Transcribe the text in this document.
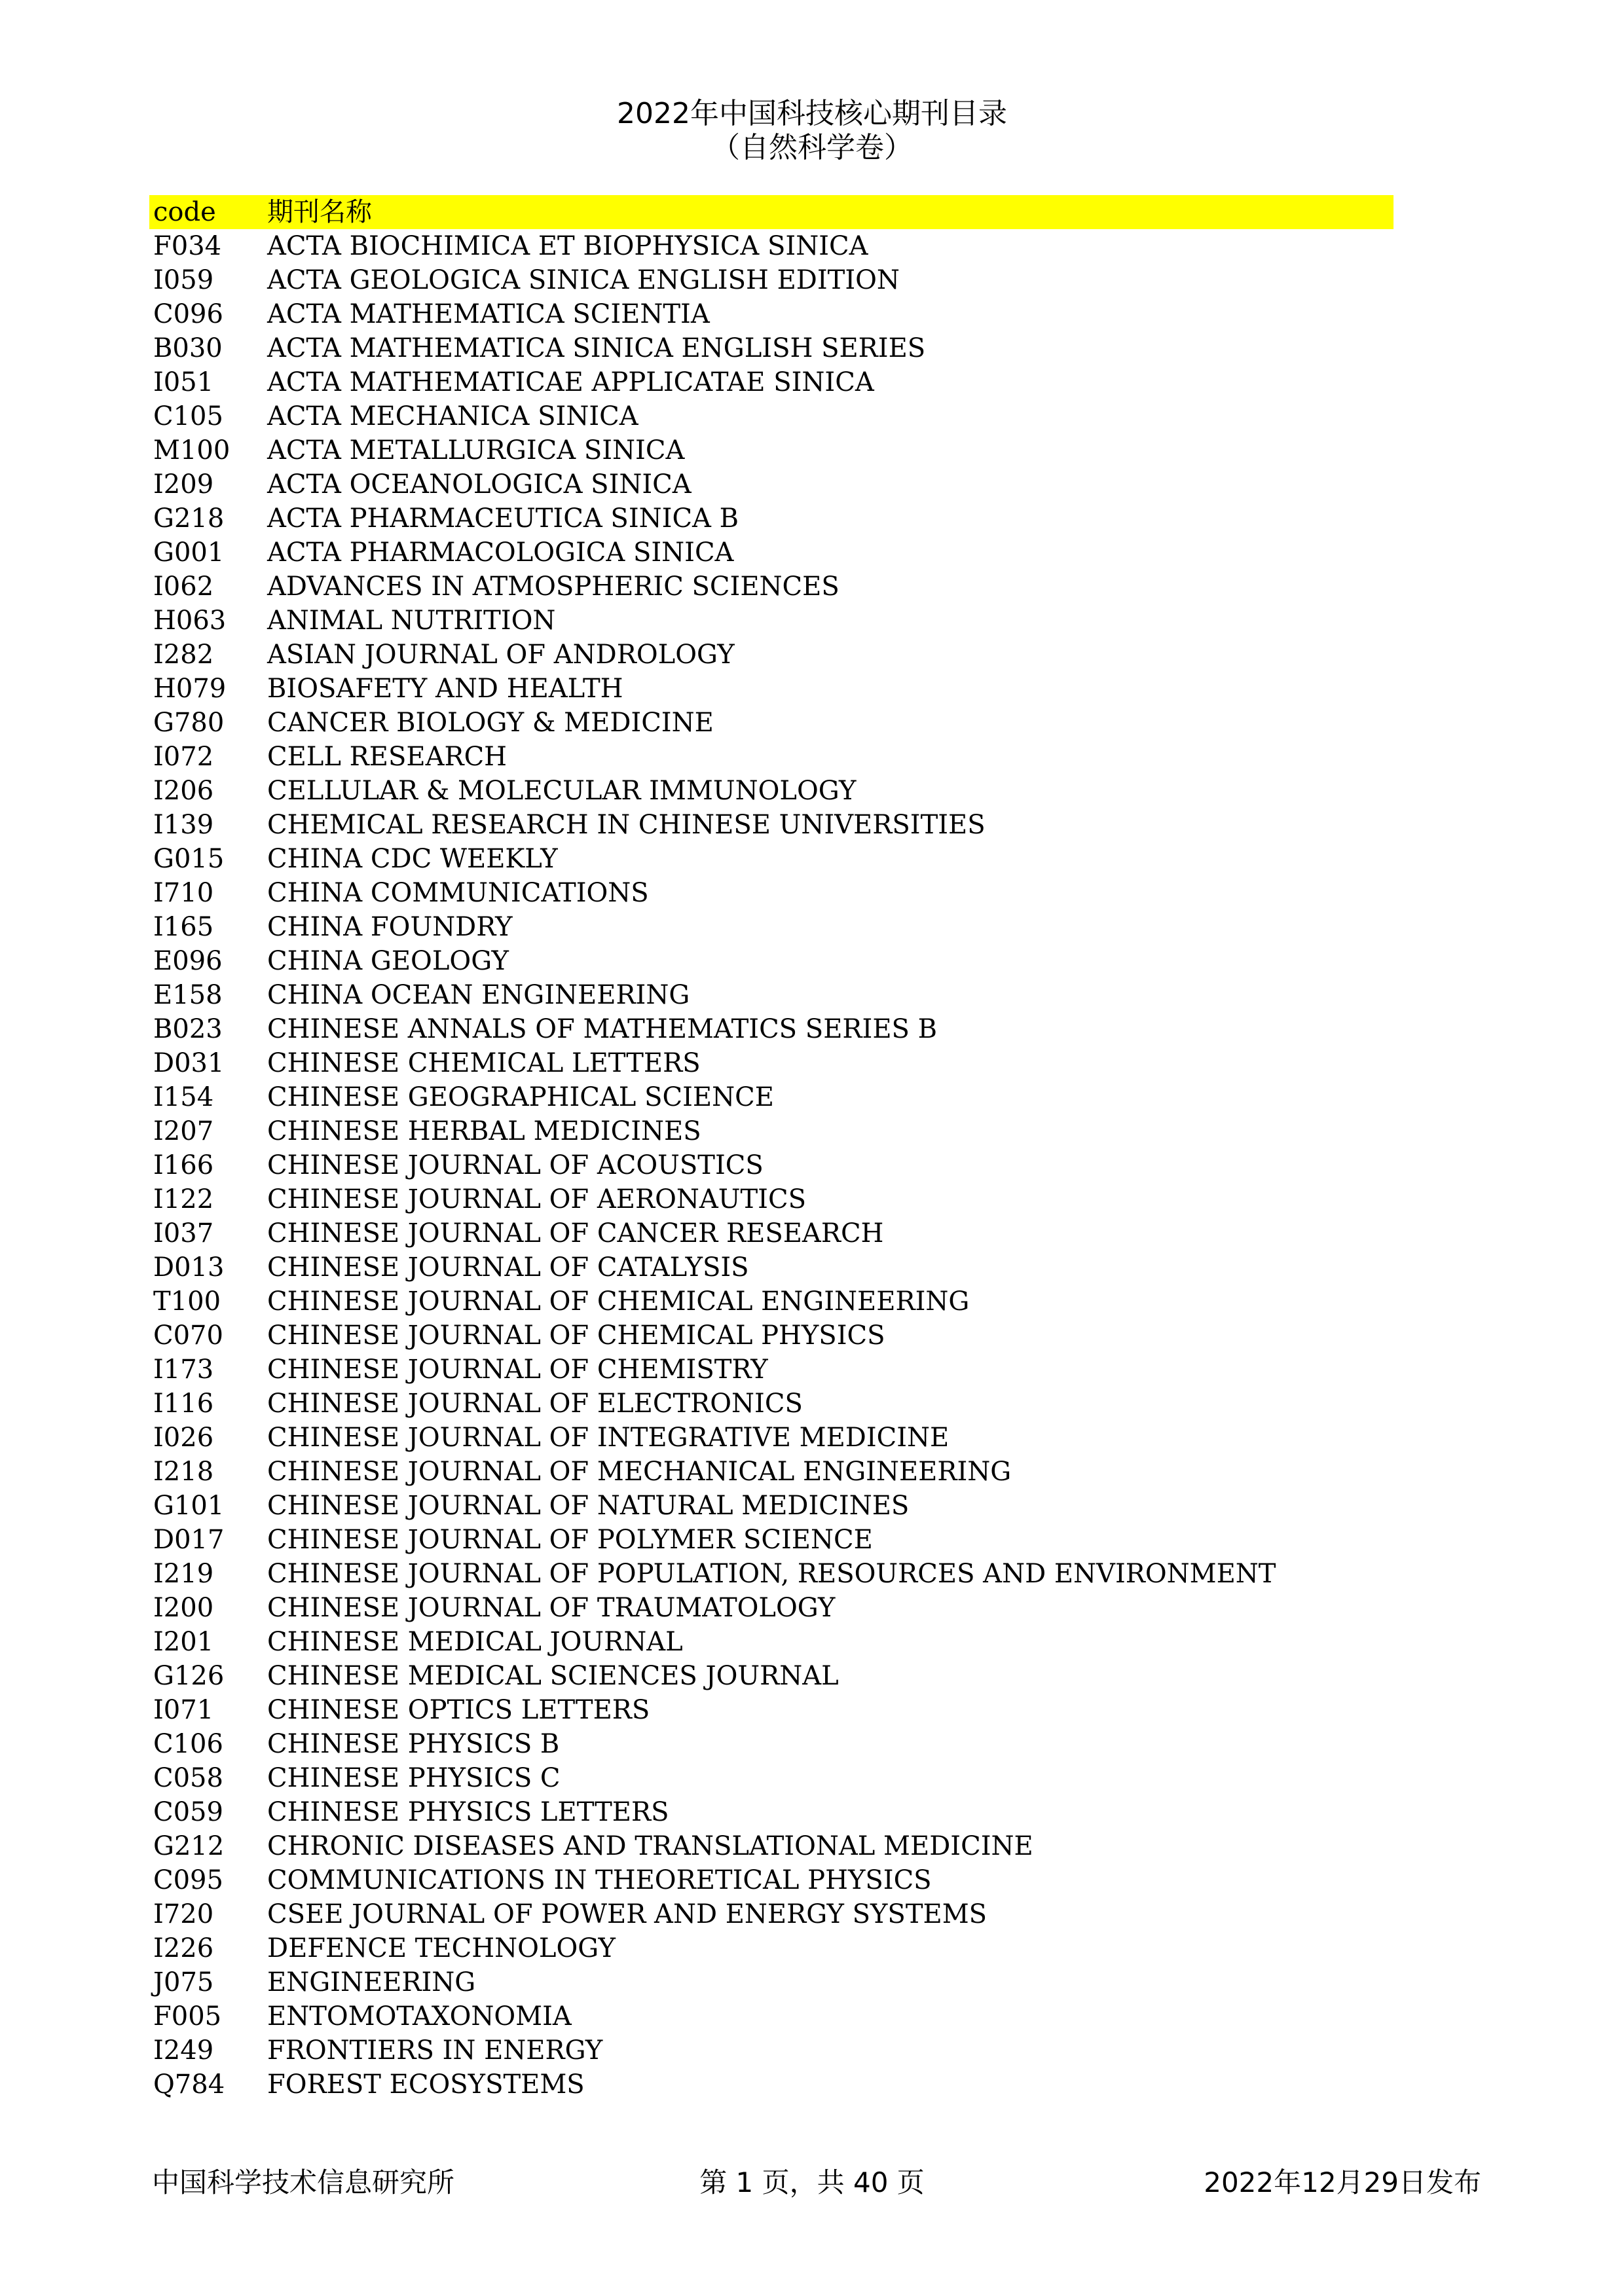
2022年中国科技核心期刊目录
（自然科学卷）
code 期刊名称
F034 ACTA BIOCHIMICA ET BIOPHYSICA SINICA
I059 ACTA GEOLOGICA SINICA ENGLISH EDITION
C096 ACTA MATHEMATICA SCIENTIA
B030 ACTA MATHEMATICA SINICA ENGLISH SERIES
I051 ACTA MATHEMATICAE APPLICATAE SINICA
C105 ACTA MECHANICA SINICA
M100 ACTA METALLURGICA SINICA
I209 ACTA OCEANOLOGICA SINICA
G218 ACTA PHARMACEUTICA SINICA B
G001 ACTA PHARMACOLOGICA SINICA
I062 ADVANCES IN ATMOSPHERIC SCIENCES
H063 ANIMAL NUTRITION
I282 ASIAN JOURNAL OF ANDROLOGY
H079 BIOSAFETY AND HEALTH
G780 CANCER BIOLOGY & MEDICINE
I072 CELL RESEARCH
I206 CELLULAR & MOLECULAR IMMUNOLOGY
I139 CHEMICAL RESEARCH IN CHINESE UNIVERSITIES
G015 CHINA CDC WEEKLY
I710 CHINA COMMUNICATIONS
I165 CHINA FOUNDRY
E096 CHINA GEOLOGY
E158 CHINA OCEAN ENGINEERING
B023 CHINESE ANNALS OF MATHEMATICS SERIES B
D031 CHINESE CHEMICAL LETTERS
I154 CHINESE GEOGRAPHICAL SCIENCE
I207 CHINESE HERBAL MEDICINES
I166 CHINESE JOURNAL OF ACOUSTICS
I122 CHINESE JOURNAL OF AERONAUTICS
I037 CHINESE JOURNAL OF CANCER RESEARCH
D013 CHINESE JOURNAL OF CATALYSIS
T100 CHINESE JOURNAL OF CHEMICAL ENGINEERING
C070 CHINESE JOURNAL OF CHEMICAL PHYSICS
I173 CHINESE JOURNAL OF CHEMISTRY
I116 CHINESE JOURNAL OF ELECTRONICS
I026 CHINESE JOURNAL OF INTEGRATIVE MEDICINE
I218 CHINESE JOURNAL OF MECHANICAL ENGINEERING
G101 CHINESE JOURNAL OF NATURAL MEDICINES
D017 CHINESE JOURNAL OF POLYMER SCIENCE
I219 CHINESE JOURNAL OF POPULATION, RESOURCES AND ENVIRONMENT
I200 CHINESE JOURNAL OF TRAUMATOLOGY
I201 CHINESE MEDICAL JOURNAL
G126 CHINESE MEDICAL SCIENCES JOURNAL
I071 CHINESE OPTICS LETTERS
C106 CHINESE PHYSICS B
C058 CHINESE PHYSICS C
C059 CHINESE PHYSICS LETTERS
G212 CHRONIC DISEASES AND TRANSLATIONAL MEDICINE
C095 COMMUNICATIONS IN THEORETICAL PHYSICS
I720 CSEE JOURNAL OF POWER AND ENERGY SYSTEMS
I226 DEFENCE TECHNOLOGY
J075 ENGINEERING
F005 ENTOMOTAXONOMIA
I249 FRONTIERS IN ENERGY
Q784 FOREST ECOSYSTEMS
中国科学技术信息研究所	第 1 页，共 40 页	2022年12月29日发布
